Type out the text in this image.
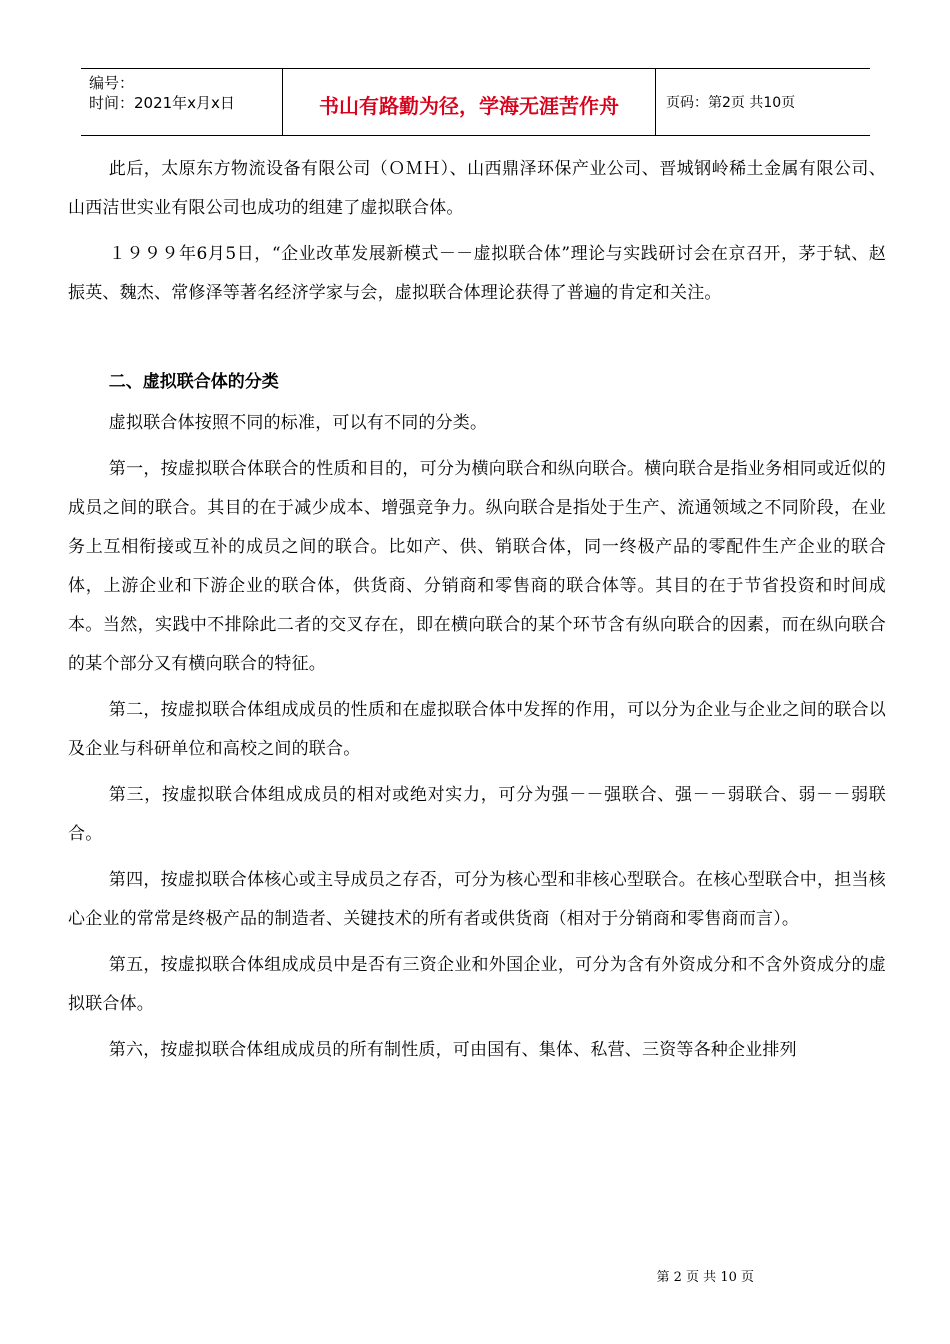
编号：
时间：2021年x月x日	书山有路勤为径，学海无涯苦作舟	页码：第2页 共10页

此后，太原东方物流设备有限公司（ＯＭＨ）、山西鼎泽环保产业公司、晋城钢岭稀土金属有限公司、山西洁世实业有限公司也成功的组建了虚拟联合体。

１９９９年6月5日，“企业改革发展新模式－－虚拟联合体”理论与实践研讨会在京召开，茅于轼、赵振英、魏杰、常修泽等著名经济学家与会，虚拟联合体理论获得了普遍的肯定和关注。

二、虚拟联合体的分类

虚拟联合体按照不同的标准，可以有不同的分类。

第一，按虚拟联合体联合的性质和目的，可分为横向联合和纵向联合。横向联合是指业务相同或近似的成员之间的联合。其目的在于减少成本、增强竞争力。纵向联合是指处于生产、流通领域之不同阶段，在业务上互相衔接或互补的成员之间的联合。比如产、供、销联合体，同一终极产品的零配件生产企业的联合体，上游企业和下游企业的联合体，供货商、分销商和零售商的联合体等。其目的在于节省投资和时间成本。当然，实践中不排除此二者的交叉存在，即在横向联合的某个环节含有纵向联合的因素，而在纵向联合的某个部分又有横向联合的特征。

第二，按虚拟联合体组成成员的性质和在虚拟联合体中发挥的作用，可以分为企业与企业之间的联合以及企业与科研单位和高校之间的联合。

第三，按虚拟联合体组成成员的相对或绝对实力，可分为强－－强联合、强－－弱联合、弱－－弱联合。

第四，按虚拟联合体核心或主导成员之存否，可分为核心型和非核心型联合。在核心型联合中，担当核心企业的常常是终极产品的制造者、关键技术的所有者或供货商（相对于分销商和零售商而言）。

第五，按虚拟联合体组成成员中是否有三资企业和外国企业，可分为含有外资成分和不含外资成分的虚拟联合体。

第六，按虚拟联合体组成成员的所有制性质，可由国有、集体、私营、三资等各种企业排列

第 2 页 共 10 页
